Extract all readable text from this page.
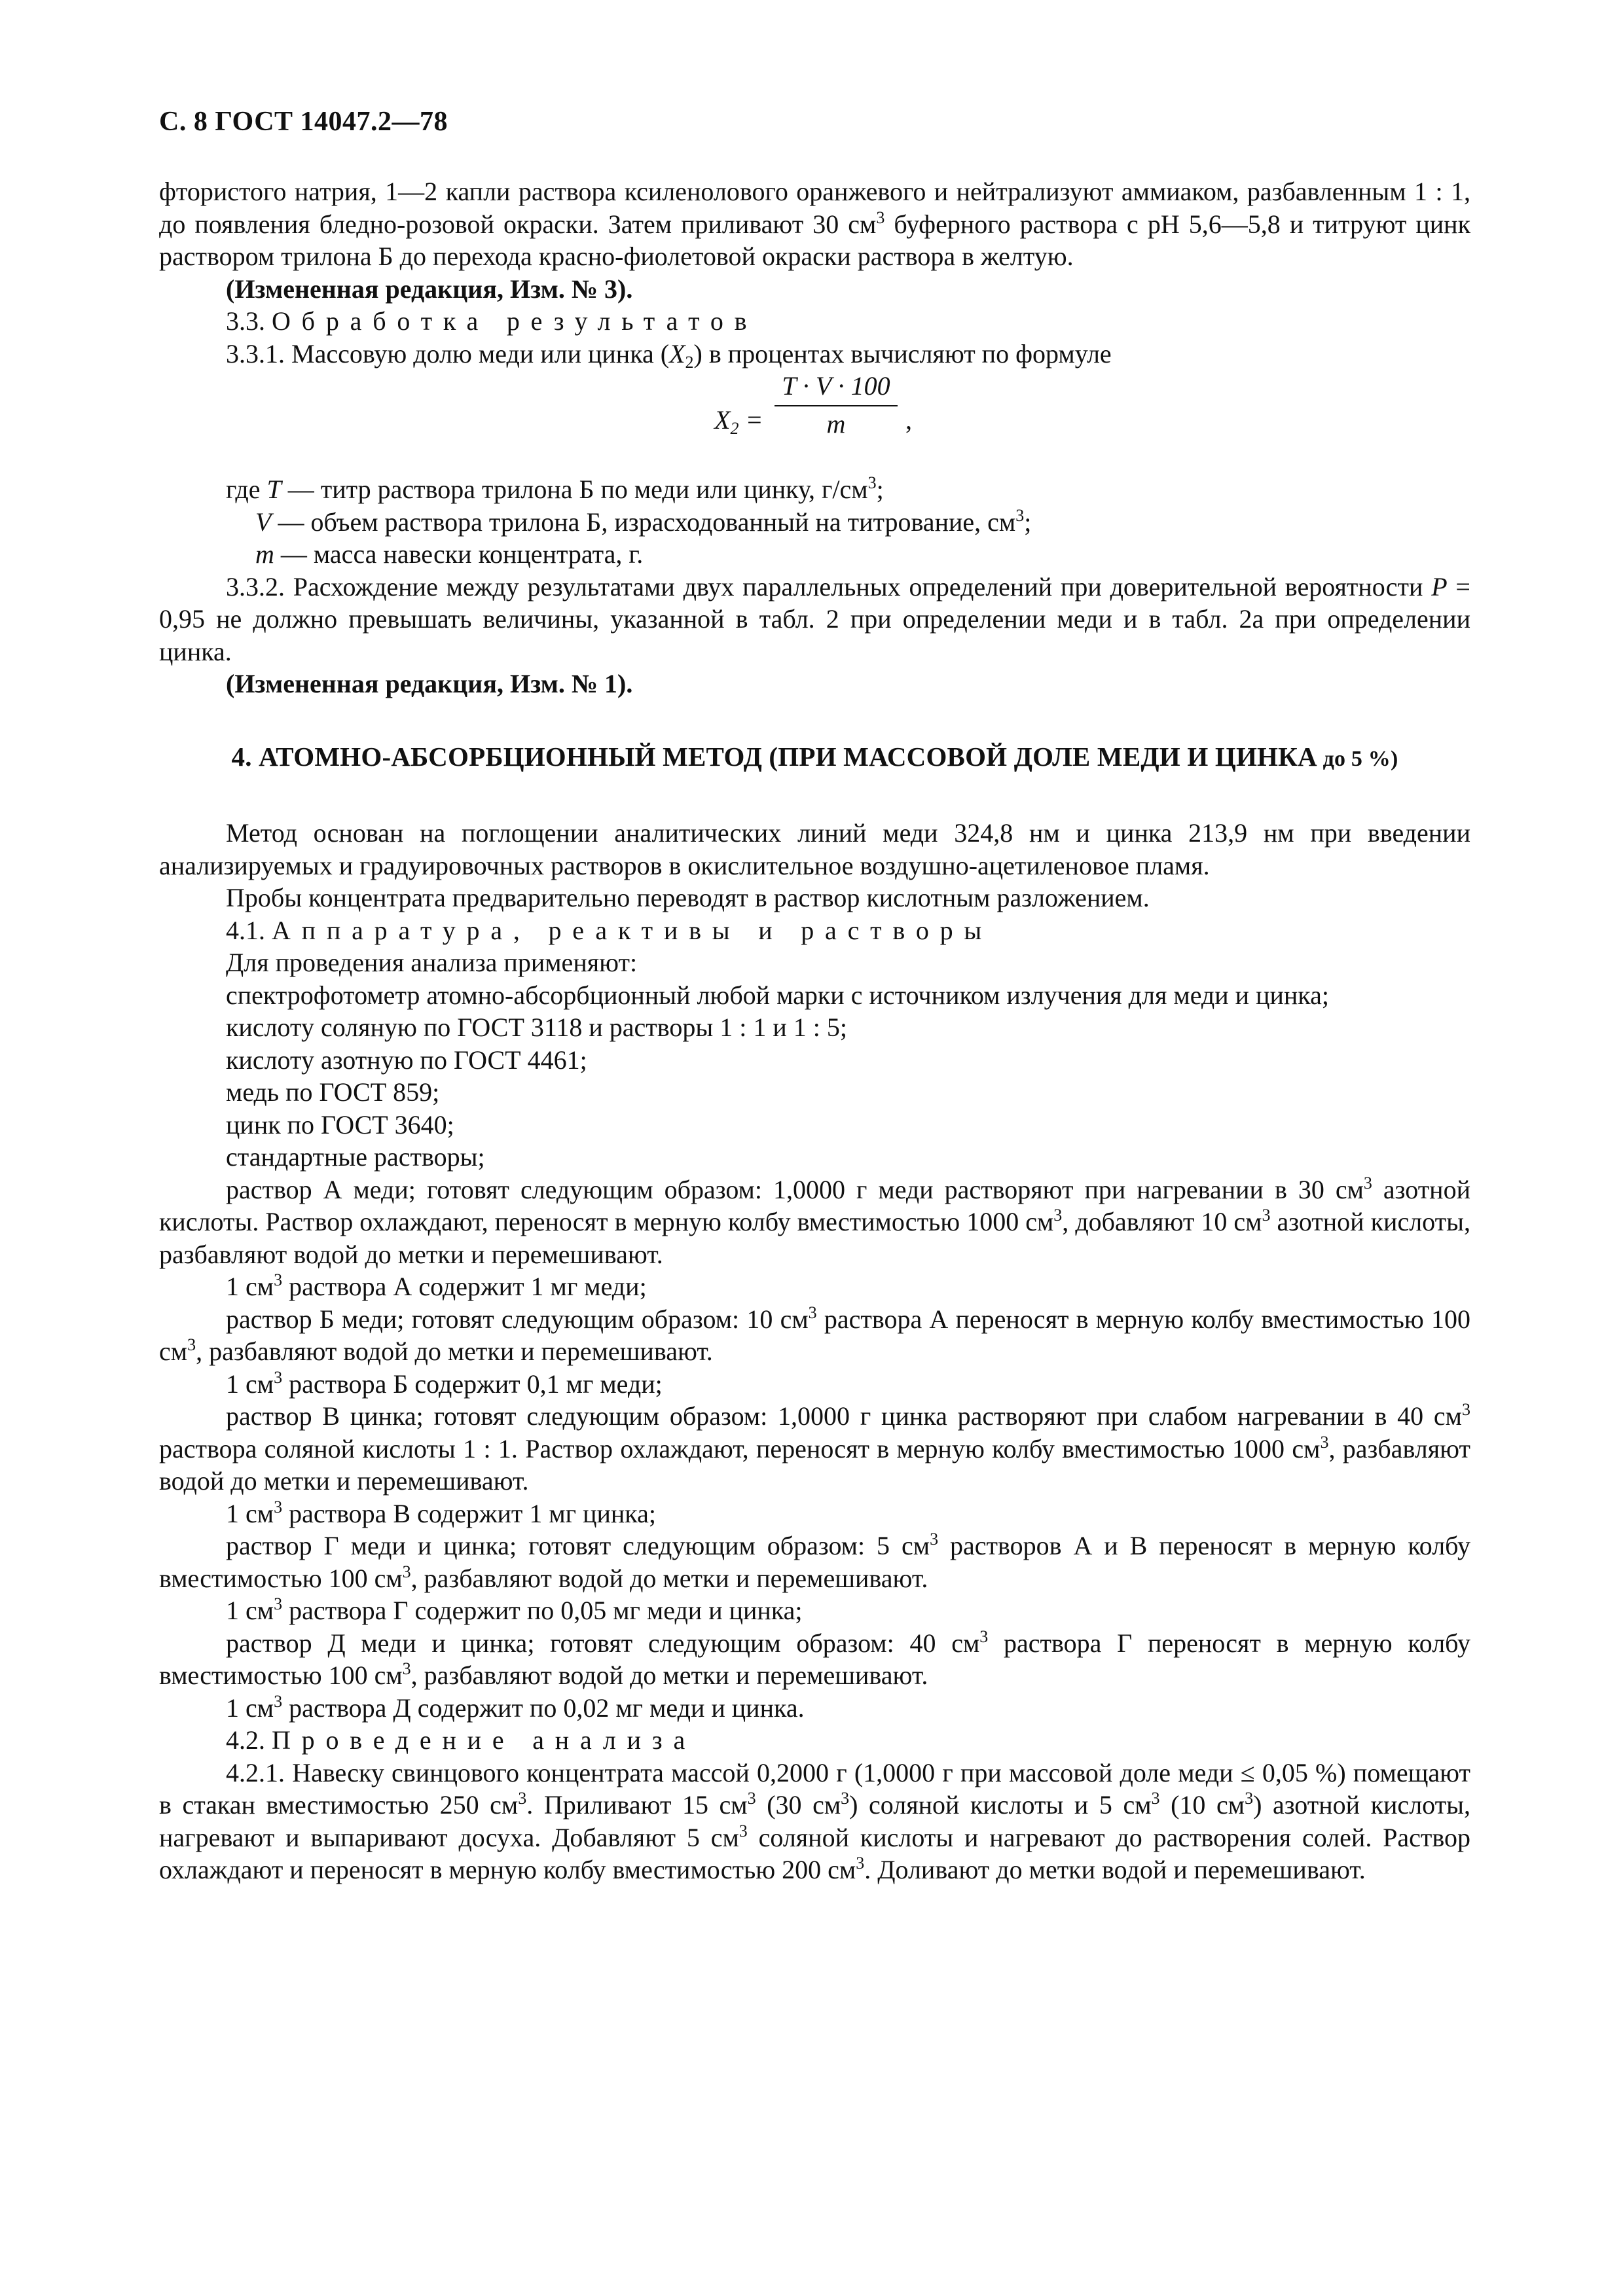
С. 8 ГОСТ 14047.2—78

фтористого натрия, 1—2 капли раствора ксиленолового оранжевого и нейтрализуют аммиаком, разбавленным 1 : 1, до появления бледно-розовой окраски. Затем приливают 30 $см^3$ буферного раствора с pH 5,6—5,8 и титруют цинк раствором трилона Б до перехода красно-фиолетовой окраски раствора в желтую.

(Измененная редакция, Изм. № 3).

3.3. Обработка результатов

3.3.1. Массовую долю меди или цинка $(X_2)$ в процентах вычисляют по формуле

$X_2$ =
T · V · 100
m	,

где T — титр раствора трилона Б по меди или цинку, $г/см^3$;

V — объем раствора трилона Б, израсходованный на титрование, $см^3$;

m — масса навески концентрата, г.

3.3.2. Расхождение между результатами двух параллельных определений при доверительной вероятности P = 0,95 не должно превышать величины, указанной в табл. 2 при определении меди и в табл. 2а при определении цинка.

(Измененная редакция, Изм. № 1).

4. АТОМНО-АБСОРБЦИОННЫЙ МЕТОД (ПРИ МАССОВОЙ ДОЛЕ МЕДИ И ЦИНКА до 5 %)

Метод основан на поглощении аналитических линий меди 324,8 нм и цинка 213,9 нм при введении анализируемых и градуировочных растворов в окислительное воздушно-ацетиленовое пламя.

Пробы концентрата предварительно переводят в раствор кислотным разложением.

4.1. Аппаратура, реактивы и растворы

Для проведения анализа применяют:

спектрофотометр атомно-абсорбционный любой марки с источником излучения для меди и цинка;

кислоту соляную по ГОСТ 3118 и растворы 1 : 1 и 1 : 5;

кислоту азотную по ГОСТ 4461;

медь по ГОСТ 859;

цинк по ГОСТ 3640;

стандартные растворы;

раствор А меди; готовят следующим образом: 1,0000 г меди растворяют при нагревании в 30 $см^3$ азотной кислоты. Раствор охлаждают, переносят в мерную колбу вместимостью 1000 $см^3$, добавляют 10 $см^3$ азотной кислоты, разбавляют водой до метки и перемешивают.

1 $см^3$ раствора А содержит 1 мг меди;

раствор Б меди; готовят следующим образом: 10 $см^3$ раствора А переносят в мерную колбу вместимостью 100 $см^3$, разбавляют водой до метки и перемешивают.

1 $см^3$ раствора Б содержит 0,1 мг меди;

раствор В цинка; готовят следующим образом: 1,0000 г цинка растворяют при слабом нагревании в 40 $см^3$ раствора соляной кислоты 1 : 1. Раствор охлаждают, переносят в мерную колбу вместимостью 1000 $см^3$, разбавляют водой до метки и перемешивают.

1 $см^3$ раствора В содержит 1 мг цинка;

раствор Г меди и цинка; готовят следующим образом: 5 $см^3$ растворов А и В переносят в мерную колбу вместимостью 100 $см^3$, разбавляют водой до метки и перемешивают.

1 $см^3$ раствора Г содержит по 0,05 мг меди и цинка;

раствор Д меди и цинка; готовят следующим образом: 40 $см^3$ раствора Г переносят в мерную колбу вместимостью 100 $см^3$, разбавляют водой до метки и перемешивают.

1 $см^3$ раствора Д содержит по 0,02 мг меди и цинка.

4.2. Проведение анализа

4.2.1. Навеску свинцового концентрата массой 0,2000 г (1,0000 г при массовой доле меди ≤ 0,05 %) помещают в стакан вместимостью 250 $см^3$. Приливают 15 $см^3$ (30 $см^3$) соляной кислоты и 5 $см^3$ (10 $см^3$) азотной кислоты, нагревают и выпаривают досуха. Добавляют 5 $см^3$ соляной кислоты и нагревают до растворения солей. Раствор охлаждают и переносят в мерную колбу вместимостью 200 $см^3$. Доливают до метки водой и перемешивают.
